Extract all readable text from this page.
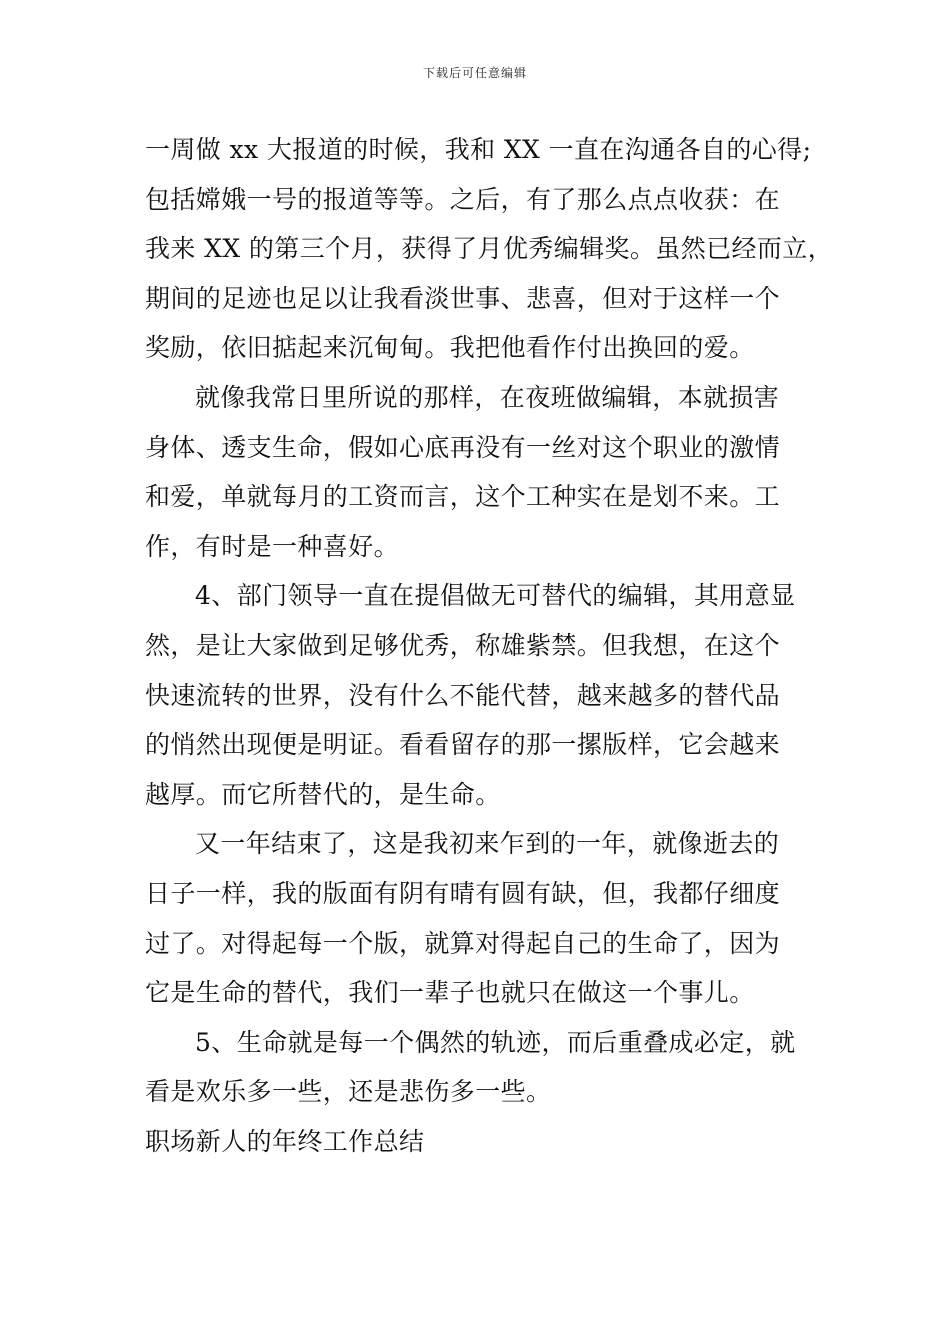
下载后可任意编辑
一周做 xx 大报道的时候，我和 XX 一直在沟通各自的心得;
包括嫦娥一号的报道等等。之后，有了那么点点收获：在
我来 XX 的第三个月，获得了月优秀编辑奖。虽然已经而立，
期间的足迹也足以让我看淡世事、悲喜，但对于这样一个
奖励，依旧掂起来沉甸甸。我把他看作付出换回的爱。
就像我常日里所说的那样，在夜班做编辑，本就损害
身体、透支生命，假如心底再没有一丝对这个职业的激情
和爱，单就每月的工资而言，这个工种实在是划不来。工
作，有时是一种喜好。
4、部门领导一直在提倡做无可替代的编辑，其用意显
然，是让大家做到足够优秀，称雄紫禁。但我想，在这个
快速流转的世界，没有什么不能代替，越来越多的替代品
的悄然出现便是明证。看看留存的那一摞版样，它会越来
越厚。而它所替代的，是生命。
又一年结束了，这是我初来乍到的一年，就像逝去的
日子一样，我的版面有阴有晴有圆有缺，但，我都仔细度
过了。对得起每一个版，就算对得起自己的生命了，因为
它是生命的替代，我们一辈子也就只在做这一个事儿。
5、生命就是每一个偶然的轨迹，而后重叠成必定，就
看是欢乐多一些，还是悲伤多一些。
职场新人的年终工作总结
